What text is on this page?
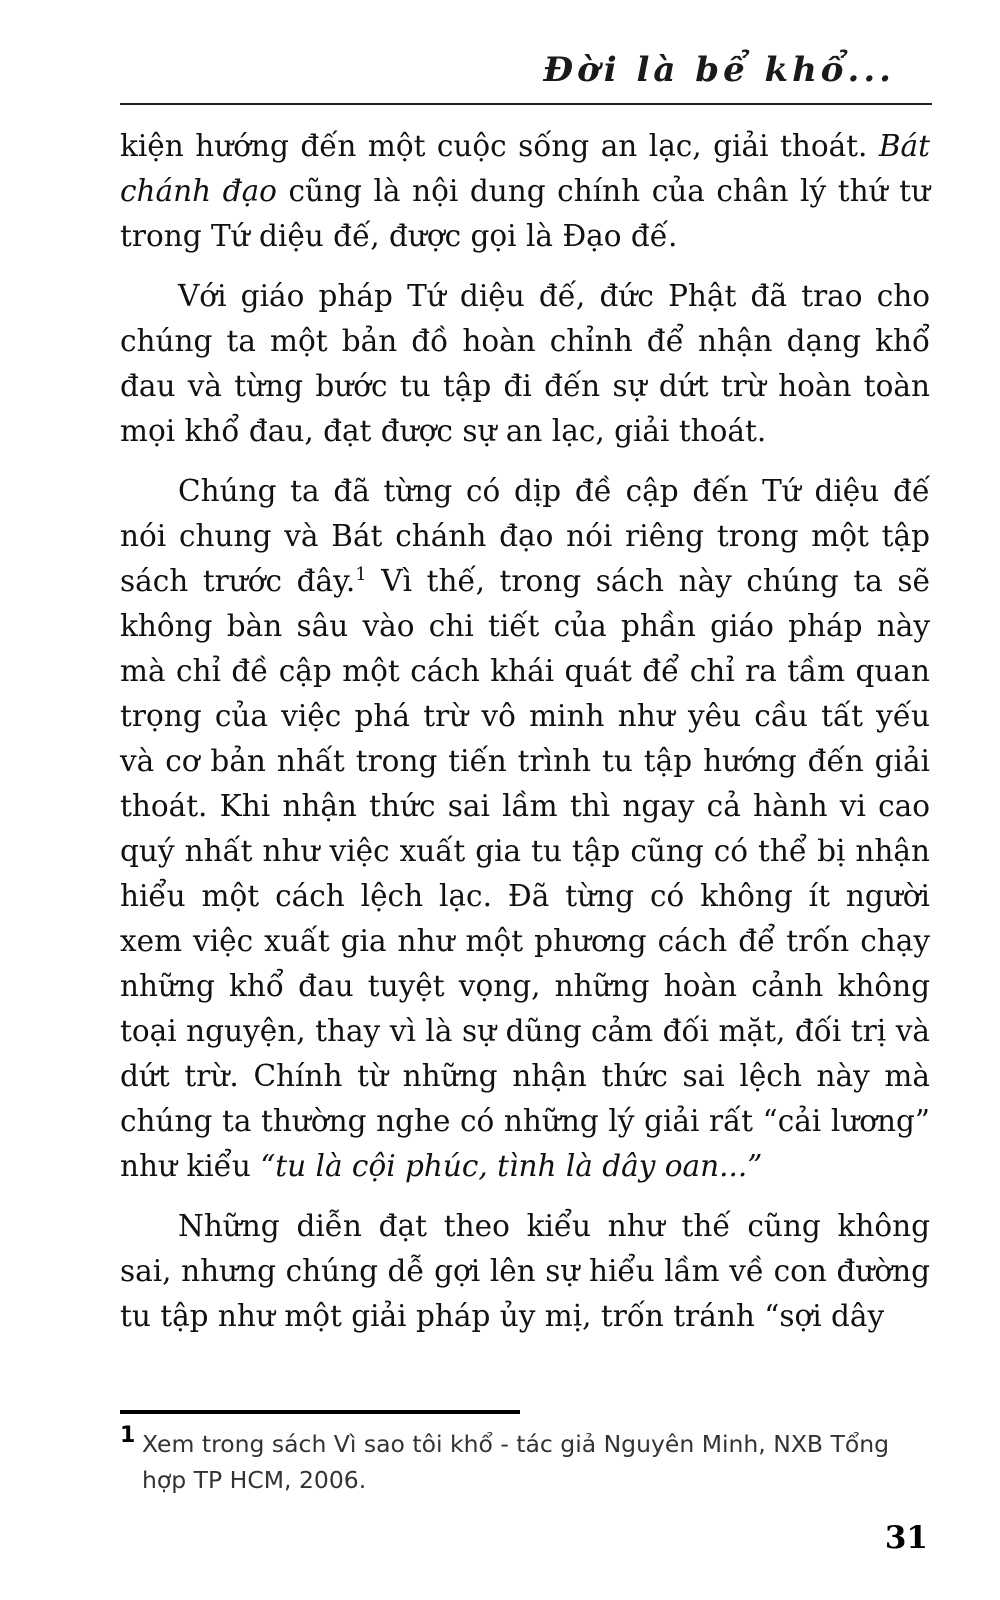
Đời là bể khổ...

kiện hướng đến một cuộc sống an lạc, giải thoát. Bát chánh đạo cũng là nội dung chính của chân lý thứ tư trong Tứ diệu đế, được gọi là Đạo đế.

Với giáo pháp Tứ diệu đế, đức Phật đã trao cho chúng ta một bản đồ hoàn chỉnh để nhận dạng khổ đau và từng bước tu tập đi đến sự dứt trừ hoàn toàn mọi khổ đau, đạt được sự an lạc, giải thoát.

Chúng ta đã từng có dịp đề cập đến Tứ diệu đế nói chung và Bát chánh đạo nói riêng trong một tập sách trước đây.$^1$ Vì thế, trong sách này chúng ta sẽ không bàn sâu vào chi tiết của phần giáo pháp này mà chỉ đề cập một cách khái quát để chỉ ra tầm quan trọng của việc phá trừ vô minh như yêu cầu tất yếu và cơ bản nhất trong tiến trình tu tập hướng đến giải thoát. Khi nhận thức sai lầm thì ngay cả hành vi cao quý nhất như việc xuất gia tu tập cũng có thể bị nhận hiểu một cách lệch lạc. Đã từng có không ít người xem việc xuất gia như một phương cách để trốn chạy những khổ đau tuyệt vọng, những hoàn cảnh không toại nguyện, thay vì là sự dũng cảm đối mặt, đối trị và dứt trừ. Chính từ những nhận thức sai lệch này mà chúng ta thường nghe có những lý giải rất “cải lương” như kiểu “tu là cội phúc, tình là dây oan...”

Những diễn đạt theo kiểu như thế cũng không sai, nhưng chúng dễ gợi lên sự hiểu lầm về con đường tu tập như một giải pháp ủy mị, trốn tránh “sợi dây

1 Xem trong sách Vì sao tôi khổ - tác giả Nguyên Minh, NXB Tổng hợp TP HCM, 2006.
31
